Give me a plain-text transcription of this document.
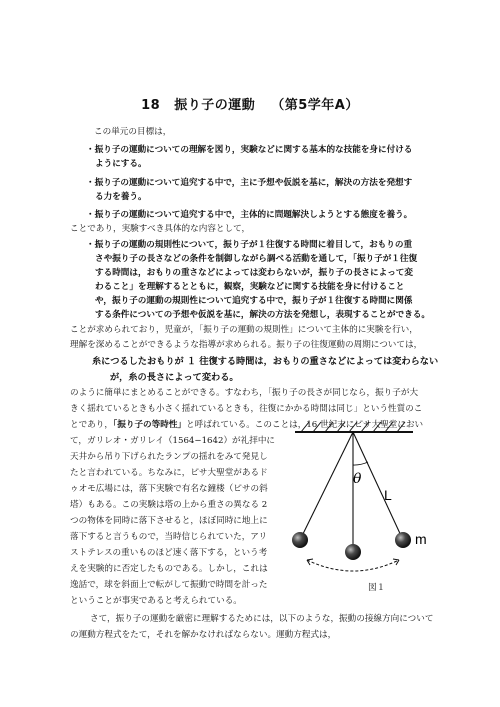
18 振り子の運動 （第5学年A）
この単元の目標は，
・振り子の運動についての理解を図り，実験などに関する基本的な技能を身に付ける
ようにする。
・振り子の運動について追究する中で，主に予想や仮説を基に，解決の方法を発想す
る力を養う。
・振り子の運動について追究する中で，主体的に問題解決しようとする態度を養う。
ことであり，実験すべき具体的な内容として，
・振り子の運動の規則性について，振り子が１往復する時間に着目して，おもりの重
さや振り子の長さなどの条件を制御しながら調べる活動を通して，「振り子が１往復
する時間は，おもりの重さなどによっては変わらないが，振り子の長さによって変
わること」を理解するとともに，観察，実験などに関する技能を身に付けること
や，振り子の運動の規則性について追究する中で，振り子が１往復する時間に関係
する条件についての予想や仮説を基に，解決の方法を発想し，表現することができる。
ことが求められており，児童が，「振り子の運動の規則性」について主体的に実験を行い，
理解を深めることができるような指導が求められる。振り子の往復運動の周期については，
糸につるしたおもりが １ 往復する時間は，おもりの重さなどによっては変わらない
が，糸の長さによって変わる。
のように簡単にまとめることができる。すなわち，「振り子の長さが同じなら，振り子が大
きく揺れているときも小さく揺れているときも，往復にかかる時間は同じ」という性質のこ
とであり，「振り子の等時性」と呼ばれている。このことは，16 世紀末にピサ大聖堂におい
て，ガリレオ・ガリレイ（1564−1642）が礼拝中に
天井から吊り下げられたランプの揺れをみて発見し
たと言われている。ちなみに，ピサ大聖堂があるド
ゥオモ広場には，落下実験で有名な鐘楼（ピサの斜
塔）もある。この実験は塔の上から重さの異なる 2
つの物体を同時に落下させると，ほぼ同時に地上に
落下すると言うもので，当時信じられていた，アリ
ストテレスの重いものほど速く落下する，という考
えを実験的に否定したものである。しかし，これは
逸話で，球を斜面上で転がして振動で時間を計った
ということが事実であると考えられている。
さて，振り子の運動を厳密に理解するためには，以下のような，振動の接線方向について
の運動方程式をたて，それを解かなければならない。運動方程式は，
θ
L
m
図１
